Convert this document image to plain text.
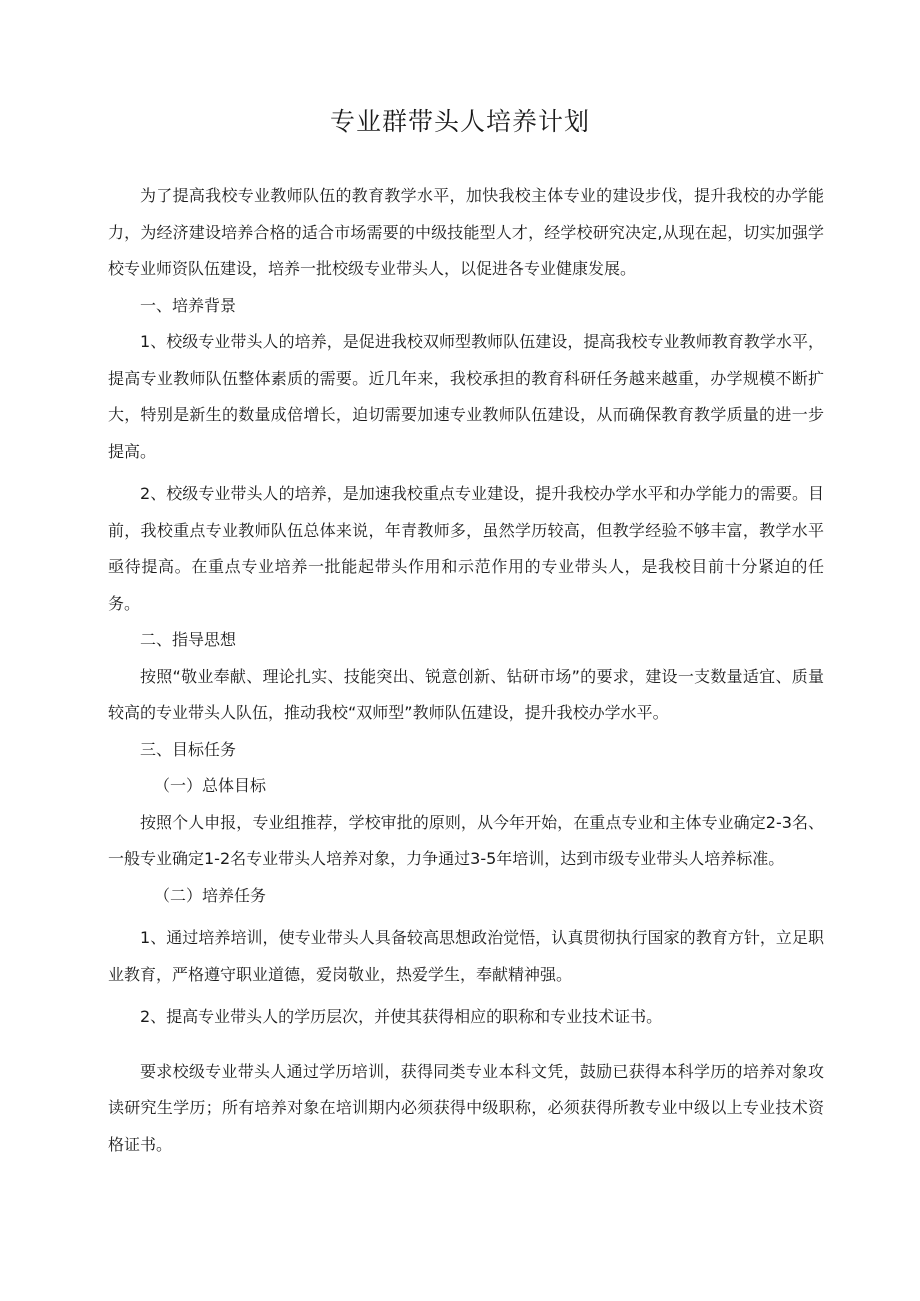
专业群带头人培养计划

为了提高我校专业教师队伍的教育教学水平，加快我校主体专业的建设步伐，提升我校的办学能力，为经济建设培养合格的适合市场需要的中级技能型人才，经学校研究决定,从现在起，切实加强学校专业师资队伍建设，培养一批校级专业带头人，以促进各专业健康发展。

一、培养背景

1、校级专业带头人的培养，是促进我校双师型教师队伍建设，提高我校专业教师教育教学水平，提高专业教师队伍整体素质的需要。近几年来，我校承担的教育科研任务越来越重，办学规模不断扩大，特别是新生的数量成倍增长，迫切需要加速专业教师队伍建设，从而确保教育教学质量的进一步提高。

2、校级专业带头人的培养，是加速我校重点专业建设，提升我校办学水平和办学能力的需要。目前，我校重点专业教师队伍总体来说，年青教师多，虽然学历较高，但教学经验不够丰富，教学水平亟待提高。在重点专业培养一批能起带头作用和示范作用的专业带头人，是我校目前十分紧迫的任务。

二、指导思想

按照“敬业奉献、理论扎实、技能突出、锐意创新、钻研市场”的要求，建设一支数量适宜、质量较高的专业带头人队伍，推动我校“双师型”教师队伍建设，提升我校办学水平。

三、目标任务

（一）总体目标

按照个人申报，专业组推荐，学校审批的原则，从今年开始，在重点专业和主体专业确定2-3名、一般专业确定1-2名专业带头人培养对象，力争通过3-5年培训，达到市级专业带头人培养标准。

（二）培养任务

1、通过培养培训，使专业带头人具备较高思想政治觉悟，认真贯彻执行国家的教育方针，立足职业教育，严格遵守职业道德，爱岗敬业，热爱学生，奉献精神强。

2、提高专业带头人的学历层次，并使其获得相应的职称和专业技术证书。

要求校级专业带头人通过学历培训，获得同类专业本科文凭，鼓励已获得本科学历的培养对象攻读研究生学历；所有培养对象在培训期内必须获得中级职称，必须获得所教专业中级以上专业技术资格证书。
